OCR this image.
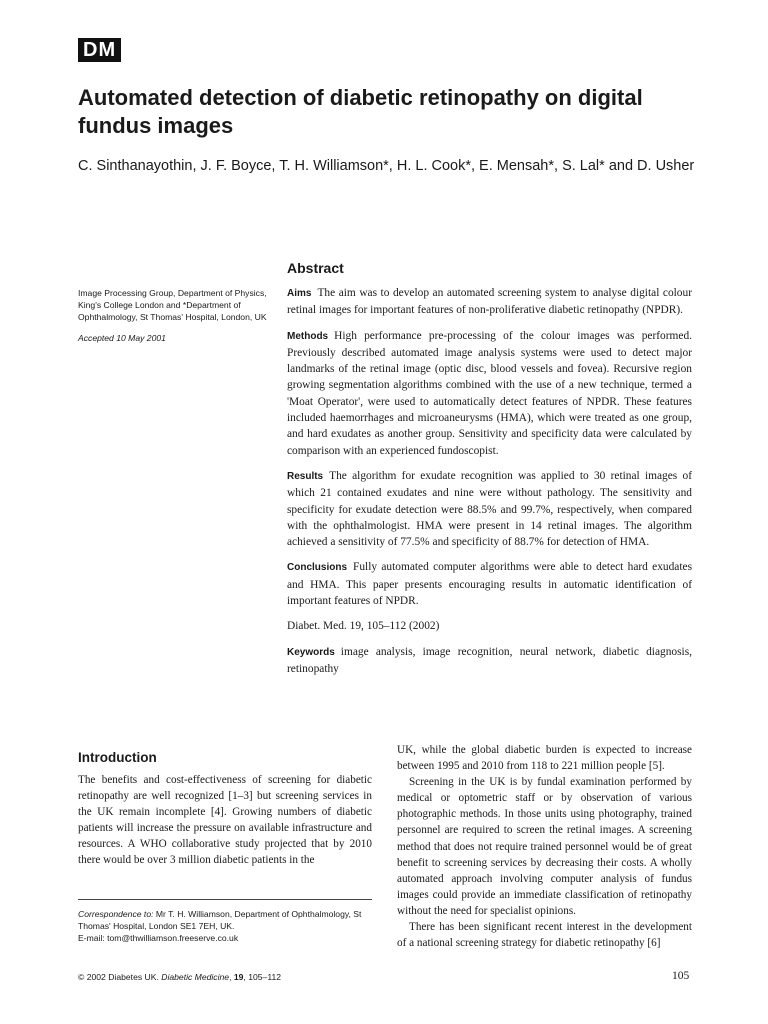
DM
Automated detection of diabetic retinopathy on digital fundus images
C. Sinthanayothin, J. F. Boyce, T. H. Williamson*, H. L. Cook*, E. Mensah*, S. Lal* and D. Usher
Image Processing Group, Department of Physics, King's College London and *Department of Ophthalmology, St Thomas' Hospital, London, UK
Accepted 10 May 2001
Abstract

Aims The aim was to develop an automated screening system to analyse digital colour retinal images for important features of non-proliferative diabetic retinopathy (NPDR).

Methods High performance pre-processing of the colour images was performed. Previously described automated image analysis systems were used to detect major landmarks of the retinal image (optic disc, blood vessels and fovea). Recursive region growing segmentation algorithms combined with the use of a new technique, termed a 'Moat Operator', were used to automatically detect features of NPDR. These features included haemorrhages and microaneurysms (HMA), which were treated as one group, and hard exudates as another group. Sensitivity and specificity data were calculated by comparison with an experienced fundoscopist.

Results The algorithm for exudate recognition was applied to 30 retinal images of which 21 contained exudates and nine were without pathology. The sensitivity and specificity for exudate detection were 88.5% and 99.7%, respectively, when compared with the ophthalmologist. HMA were present in 14 retinal images. The algorithm achieved a sensitivity of 77.5% and specificity of 88.7% for detection of HMA.

Conclusions Fully automated computer algorithms were able to detect hard exudates and HMA. This paper presents encouraging results in automatic identification of important features of NPDR.

Diabet. Med. 19, 105–112 (2002)

Keywords image analysis, image recognition, neural network, diabetic diagnosis, retinopathy

Introduction

The benefits and cost-effectiveness of screening for diabetic retinopathy are well recognized [1–3] but screening services in the UK remain incomplete [4]. Growing numbers of diabetic patients will increase the pressure on available infrastructure and resources. A WHO collaborative study projected that by 2010 there would be over 3 million diabetic patients in the

UK, while the global diabetic burden is expected to increase between 1995 and 2010 from 118 to 221 million people [5].

Screening in the UK is by fundal examination performed by medical or optometric staff or by observation of various photographic methods. In those units using photography, trained personnel are required to screen the retinal images. A screening method that does not require trained personnel would be of great benefit to screening services by decreasing their costs. A wholly automated approach involving computer analysis of fundus images could provide an immediate classification of retinopathy without the need for specialist opinions.

There has been significant recent interest in the development of a national screening strategy for diabetic retinopathy [6]

Correspondence to: Mr T. H. Williamson, Department of Ophthalmology, St Thomas' Hospital, London SE1 7EH, UK.
E-mail: tom@thwilliamson.freeserve.co.uk
© 2002 Diabetes UK. Diabetic Medicine, 19, 105–112	105
